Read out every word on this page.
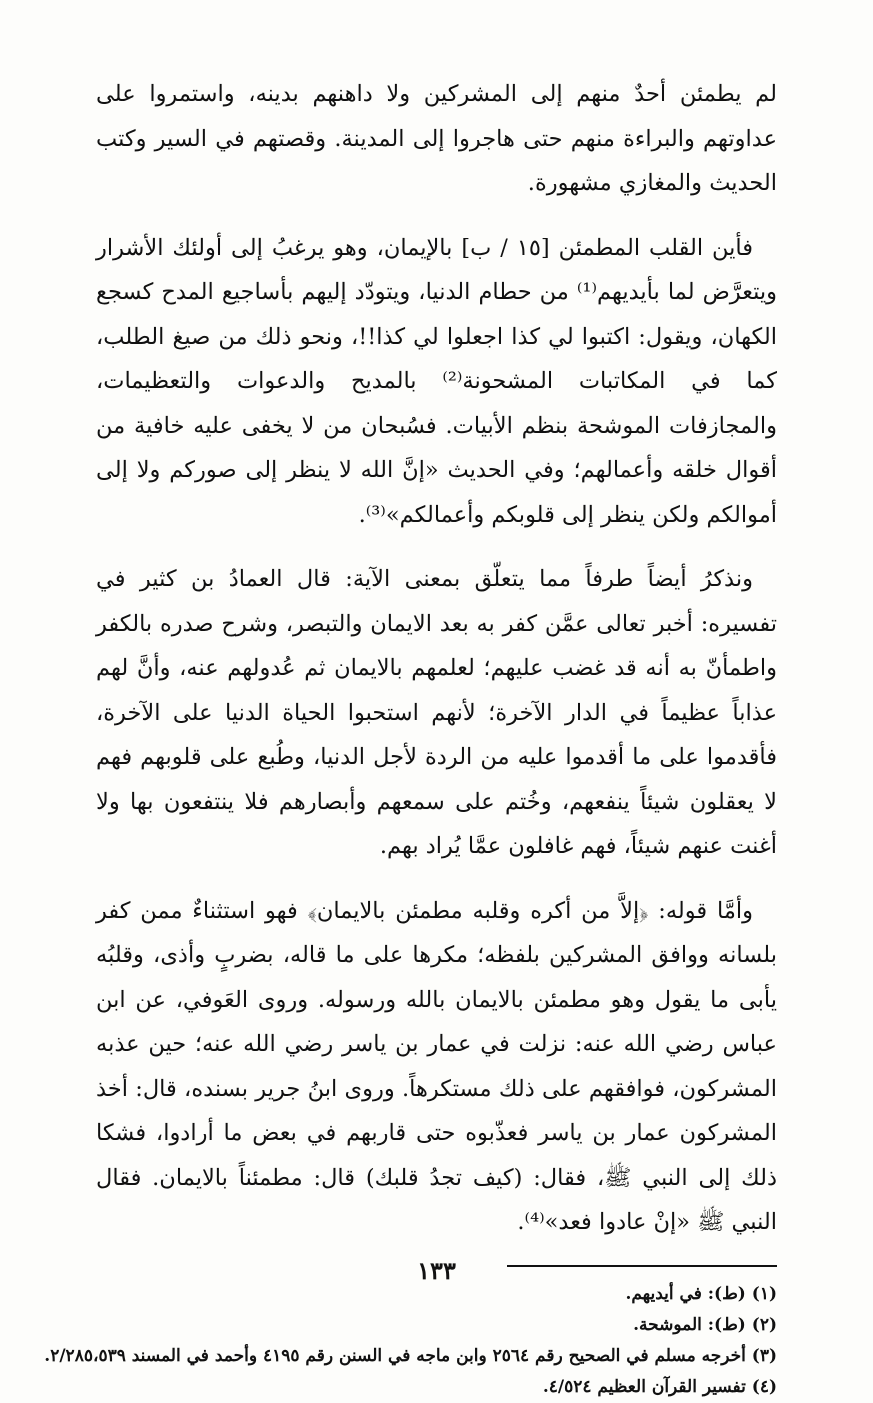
لم يطمئن أحدٌ منهم إلى المشركين ولا داهنهم بدينه، واستمروا على عداوتهم والبراءة منهم حتى هاجروا إلى المدينة. وقصتهم في السير وكتب الحديث والمغازي مشهورة.

فأين القلب المطمئن [١٥ / ب] بالإيمان، وهو يرغبُ إلى أولئك الأشرار ويتعرَّض لما بأيديهم⁽¹⁾ من حطام الدنيا، ويتودّد إليهم بأساجيع المدح كسجع الكهان، ويقول: اكتبوا لي كذا اجعلوا لي كذا!!، ونحو ذلك من صيغ الطلب، كما في المكاتبات المشحونة⁽²⁾ بالمديح والدعوات والتعظيمات، والمجازفات الموشحة بنظم الأبيات. فسُبحان من لا يخفى عليه خافية من أقوال خلقه وأعمالهم؛ وفي الحديث «إنَّ الله لا ينظر إلى صوركم ولا إلى أموالكم ولكن ينظر إلى قلوبكم وأعمالكم»⁽³⁾.

ونذكرُ أيضاً طرفاً مما يتعلّق بمعنى الآية: قال العمادُ بن كثير في تفسيره: أخبر تعالى عمَّن كفر به بعد الايمان والتبصر، وشرح صدره بالكفر واطمأنّ به أنه قد غضب عليهم؛ لعلمهم بالايمان ثم عُدولهم عنه، وأنَّ لهم عذاباً عظيماً في الدار الآخرة؛ لأنهم استحبوا الحياة الدنيا على الآخرة، فأقدموا على ما أقدموا عليه من الردة لأجل الدنيا، وطُبع على قلوبهم فهم لا يعقلون شيئاً ينفعهم، وخُتم على سمعهم وأبصارهم فلا ينتفعون بها ولا أغنت عنهم شيئاً، فهم غافلون عمَّا يُراد بهم.

وأمَّا قوله: ﴿إلاَّ من أكره وقلبه مطمئن بالايمان﴾ فهو استثناءٌ ممن كفر بلسانه ووافق المشركين بلفظه؛ مكرها على ما قاله، بضربٍ وأذى، وقلبُه يأبى ما يقول وهو مطمئن بالايمان بالله ورسوله. وروى العَوفي، عن ابن عباس رضي الله عنه: نزلت في عمار بن ياسر رضي الله عنه؛ حين عذبه المشركون، فوافقهم على ذلك مستكرهاً. وروى ابنُ جرير بسنده، قال: أخذ المشركون عمار بن ياسر فعذّبوه حتى قاربهم في بعض ما أرادوا، فشكا ذلك إلى النبي ﷺ، فقال: (كيف تجدُ قلبك) قال: مطمئناً بالايمان. فقال النبي ﷺ «إنْ عادوا فعد»⁽⁴⁾.

(١) (ط): في أيديهم.
(٢) (ط): الموشحة.
(٣) أخرجه مسلم في الصحيح رقم ٢٥٦٤ وابن ماجه في السنن رقم ٤١٩٥ وأحمد في المسند ٢/٢٨٥،٥٣٩.
(٤) تفسير القرآن العظيم ٤/٥٢٤.
١٣٣
